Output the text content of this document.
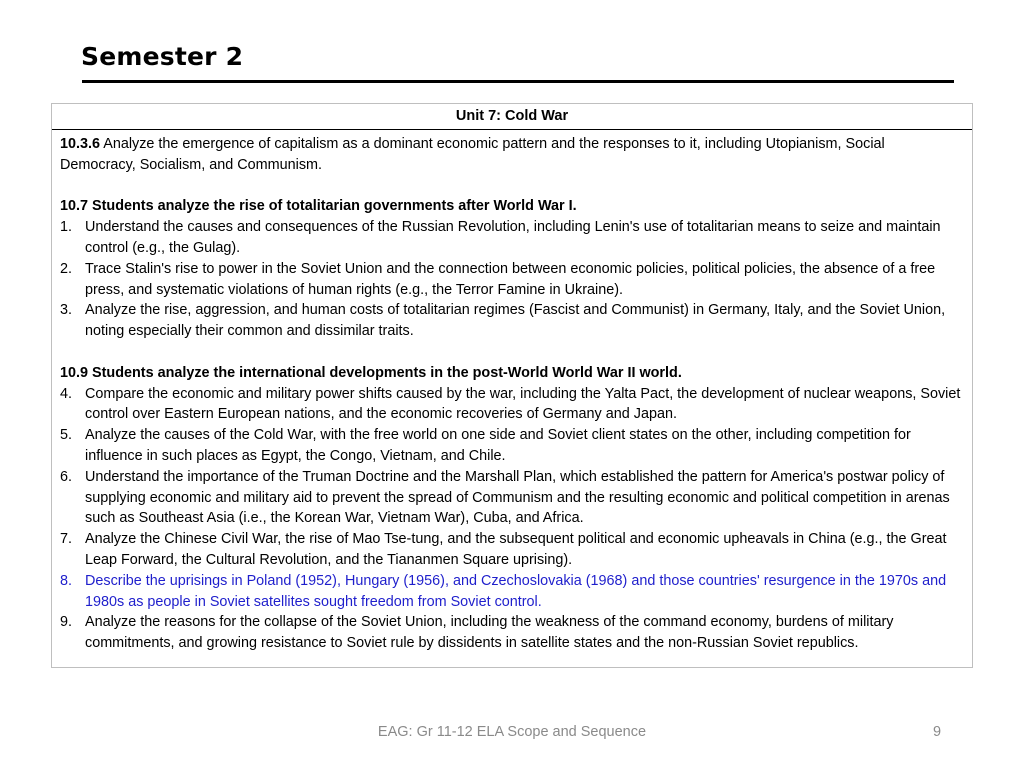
Semester 2
Unit 7: Cold War

10.3.6 Analyze the emergence of capitalism as a dominant economic pattern and the responses to it, including Utopianism, Social Democracy, Socialism, and Communism.

10.7 Students analyze the rise of totalitarian governments after World War I.

1. Understand the causes and consequences of the Russian Revolution, including Lenin's use of totalitarian means to seize and maintain control (e.g., the Gulag).
2. Trace Stalin's rise to power in the Soviet Union and the connection between economic policies, political policies, the absence of a free press, and systematic violations of human rights (e.g., the Terror Famine in Ukraine).
3. Analyze the rise, aggression, and human costs of totalitarian regimes (Fascist and Communist) in Germany, Italy, and the Soviet Union, noting especially their common and dissimilar traits.

10.9 Students analyze the international developments in the post-World World War II world.

4. Compare the economic and military power shifts caused by the war, including the Yalta Pact, the development of nuclear weapons, Soviet control over Eastern European nations, and the economic recoveries of Germany and Japan.
5. Analyze the causes of the Cold War, with the free world on one side and Soviet client states on the other, including competition for influence in such places as Egypt, the Congo, Vietnam, and Chile.
6. Understand the importance of the Truman Doctrine and the Marshall Plan, which established the pattern for America's postwar policy of supplying economic and military aid to prevent the spread of Communism and the resulting economic and political competition in arenas such as Southeast Asia (i.e., the Korean War, Vietnam War), Cuba, and Africa.
7. Analyze the Chinese Civil War, the rise of Mao Tse-tung, and the subsequent political and economic upheavals in China (e.g., the Great Leap Forward, the Cultural Revolution, and the Tiananmen Square uprising).
8. Describe the uprisings in Poland (1952), Hungary (1956), and Czechoslovakia (1968) and those countries' resurgence in the 1970s and 1980s as people in Soviet satellites sought freedom from Soviet control.
9. Analyze the reasons for the collapse of the Soviet Union, including the weakness of the command economy, burdens of military commitments, and growing resistance to Soviet rule by dissidents in satellite states and the non-Russian Soviet republics.
EAG: Gr 11-12 ELA Scope and Sequence	9
